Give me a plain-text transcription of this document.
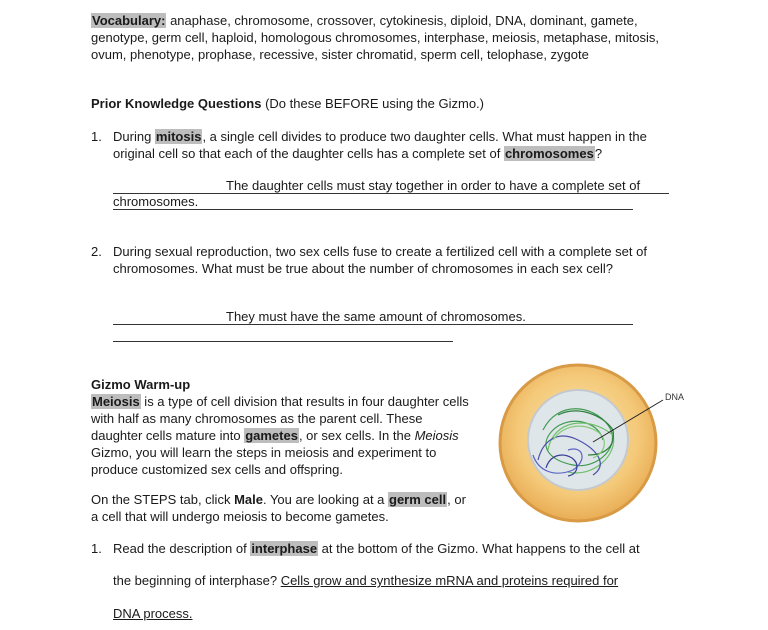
Vocabulary: anaphase, chromosome, crossover, cytokinesis, diploid, DNA, dominant, gamete, genotype, germ cell, haploid, homologous chromosomes, interphase, meiosis, metaphase, mitosis, ovum, phenotype, prophase, recessive, sister chromatid, sperm cell, telophase, zygote
Prior Knowledge Questions (Do these BEFORE using the Gizmo.)
1. During mitosis, a single cell divides to produce two daughter cells. What must happen in the original cell so that each of the daughter cells has a complete set of chromosomes?
The daughter cells must stay together in order to have a complete set of
chromosomes.
2. During sexual reproduction, two sex cells fuse to create a fertilized cell with a complete set of chromosomes. What must be true about the number of chromosomes in each sex cell?
They must have the same amount of chromosomes.

Gizmo Warm-up

Meiosis is a type of cell division that results in four daughter cells with half as many chromosomes as the parent cell. These daughter cells mature into gametes, or sex cells. In the Meiosis Gizmo, you will learn the steps in meiosis and experiment to produce customized sex cells and offspring.

On the STEPS tab, click Male. You are looking at a germ cell, or a cell that will undergo meiosis to become gametes.
DNA
1. Read the description of interphase at the bottom of the Gizmo. What happens to the cell at
the beginning of interphase? Cells grow and synthesize mRNA and proteins required for
DNA process.
